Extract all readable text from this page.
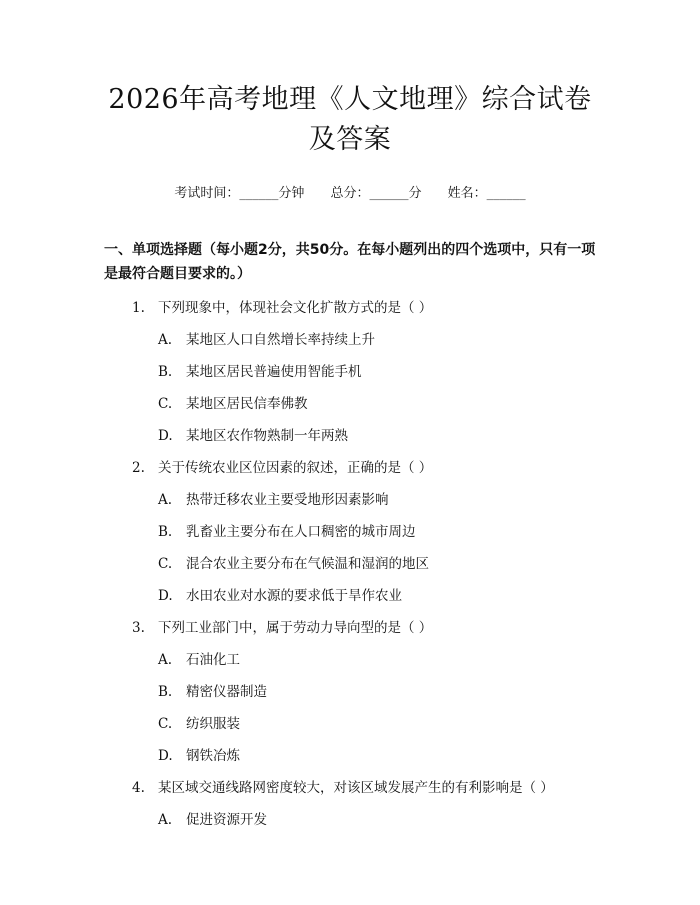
2026年高考地理《人文地理》综合试卷及答案
考试时间：______分钟 总分：______分 姓名：______
一、单项选择题（每小题2分，共50分。在每小题列出的四个选项中，只有一项是最符合题目要求的。）
1. 下列现象中，体现社会文化扩散方式的是（ ）
A.	某地区人口自然增长率持续上升
B.	某地区居民普遍使用智能手机
C.	某地区居民信奉佛教
D. 某地区农作物熟制一年两熟
2. 关于传统农业区位因素的叙述，正确的是（ ）
A.	热带迁移农业主要受地形因素影响
B.	乳畜业主要分布在人口稠密的城市周边
C.	混合农业主要分布在气候温和湿润的地区
D. 水田农业对水源的要求低于旱作农业
3. 下列工业部门中，属于劳动力导向型的是（ ）
A.	石油化工
B.	精密仪器制造
C.	纺织服装
D. 钢铁冶炼
4. 某区域交通线路网密度较大，对该区域发展产生的有利影响是（ ）
A.	促进资源开发
